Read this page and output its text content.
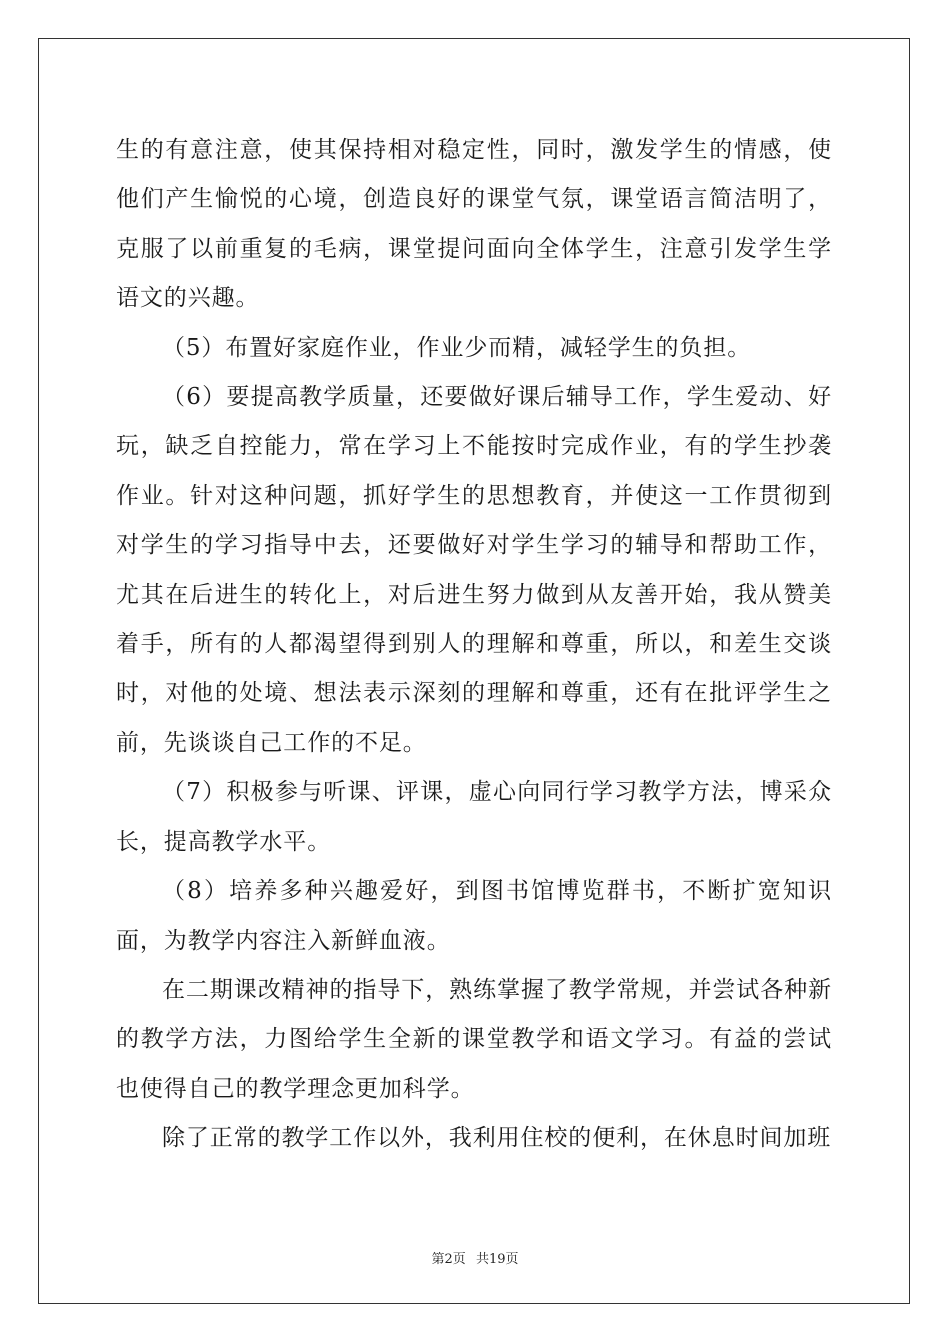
生的有意注意，使其保持相对稳定性，同时，激发学生的情感，使他们产生愉悦的心境，创造良好的课堂气氛，课堂语言简洁明了，克服了以前重复的毛病，课堂提问面向全体学生，注意引发学生学语文的兴趣。

（5）布置好家庭作业，作业少而精，减轻学生的负担。

（6）要提高教学质量，还要做好课后辅导工作，学生爱动、好玩，缺乏自控能力，常在学习上不能按时完成作业，有的学生抄袭作业。针对这种问题，抓好学生的思想教育，并使这一工作贯彻到对学生的学习指导中去，还要做好对学生学习的辅导和帮助工作，尤其在后进生的转化上，对后进生努力做到从友善开始，我从赞美着手，所有的人都渴望得到别人的理解和尊重，所以，和差生交谈时，对他的处境、想法表示深刻的理解和尊重，还有在批评学生之前，先谈谈自己工作的不足。

（7）积极参与听课、评课，虚心向同行学习教学方法，博采众长，提高教学水平。

（8）培养多种兴趣爱好，到图书馆博览群书，不断扩宽知识面，为教学内容注入新鲜血液。

在二期课改精神的指导下，熟练掌握了教学常规，并尝试各种新的教学方法，力图给学生全新的课堂教学和语文学习。有益的尝试也使得自己的教学理念更加科学。

除了正常的教学工作以外，我利用住校的便利，在休息时间加班

第2页 共19页
